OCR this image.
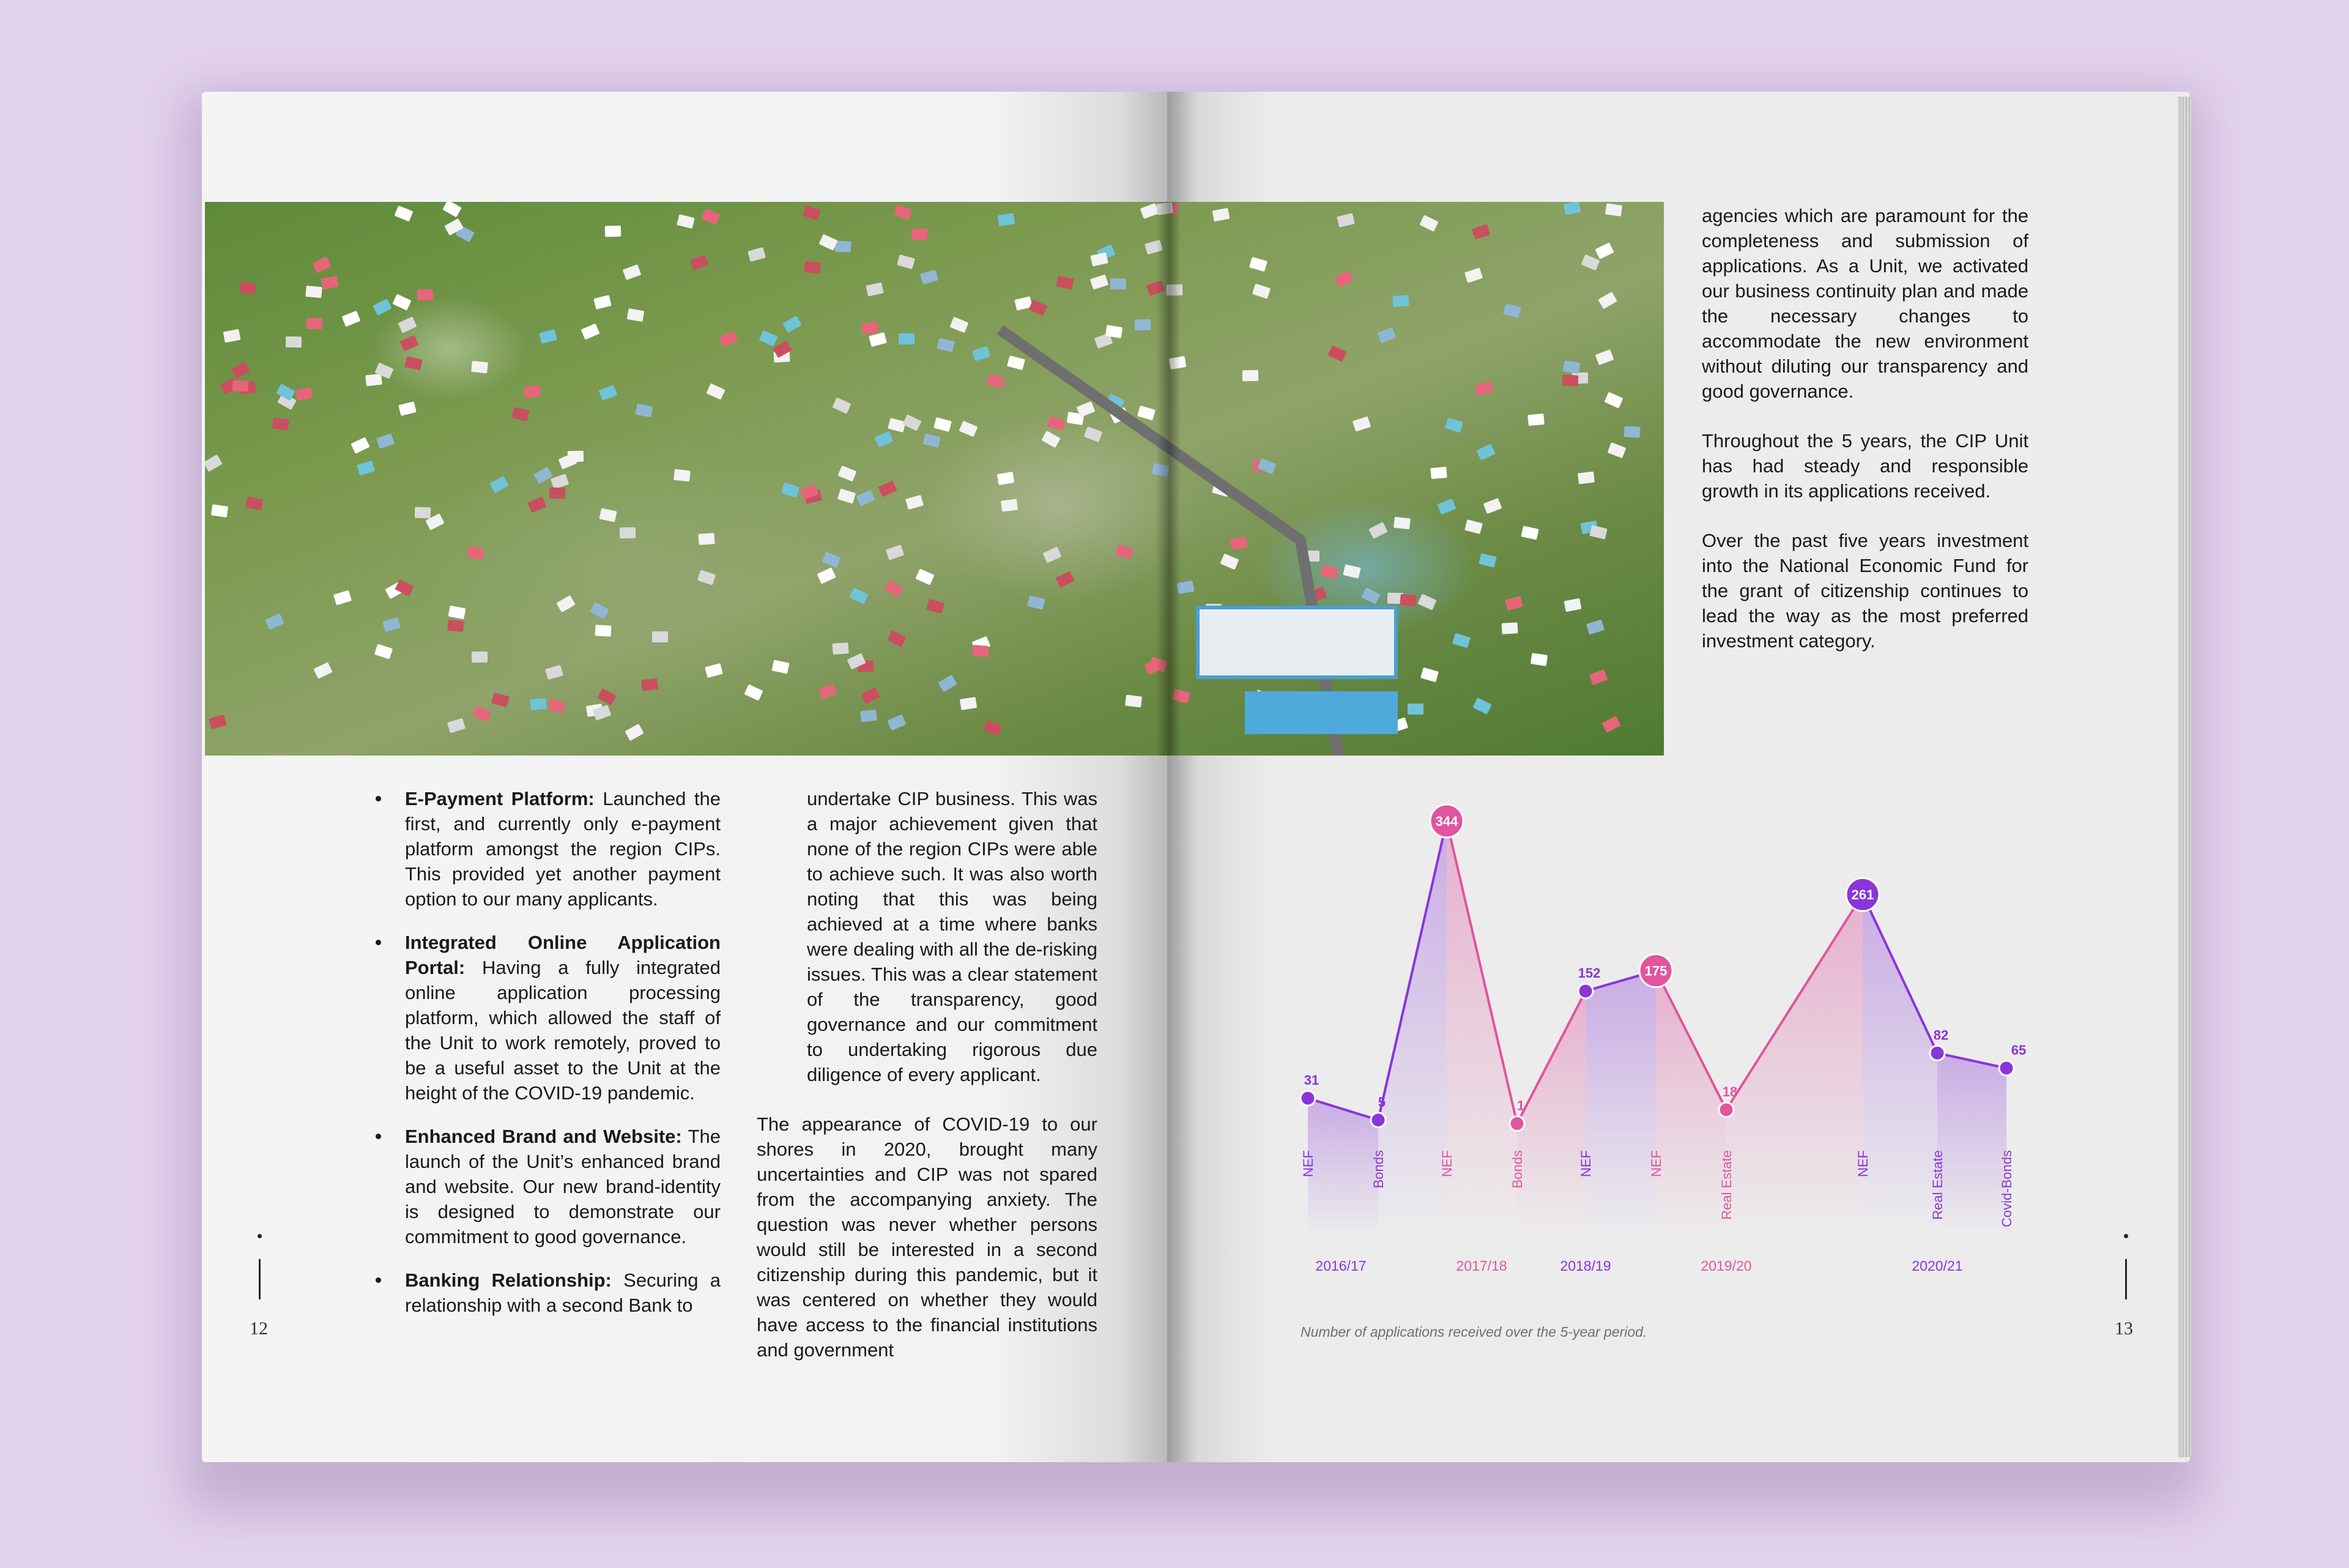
E-Payment Platform: Launched the first, and currently only e-payment platform amongst the region CIPs. This provided yet another payment option to our many applicants.
Integrated Online Application Portal: Having a fully integrated online application processing platform, which allowed the staff of the Unit to work remotely, proved to be a useful asset to the Unit at the height of the COVID-19 pandemic.
Enhanced Brand and Website: The launch of the Unit’s enhanced brand and website. Our new brand-identity is designed to demonstrate our commitment to good governance.
Banking Relationship: Securing a relationship with a second Bank to

undertake CIP business. This was a major achievement given that none of the region CIPs were able to achieve such. It was also worth noting that this was being achieved at a time where banks were dealing with all the de-risking issues. This was a clear statement of the transparency, good governance and our commitment to undertaking rigorous due diligence of every applicant.

The appearance of COVID-19 to our shores in 2020, brought many uncertainties and CIP was not spared from the accompanying anxiety. The question was never whether persons would still be interested in a second citizenship during this pandemic, but it was centered on whether they would have access to the financial institutions and government

agencies which are paramount for the completeness and submission of applications. As a Unit, we activated our business continuity plan and made the necessary changes to accommodate the new environment without diluting our transparency and good governance.

Throughout the 5 years, the CIP Unit has had steady and responsible growth in its applications received.

Over the past five years investment into the National Economic Fund for the grant of citizenship continues to lead the way as the most preferred investment category.

12	13
31
5
344
1
152	175
18
261
82
65
NEF	Bonds	NEF	Bonds	NEF	NEF	Real Estate	NEF	Real Estate	Covid-Bonds
2016/17	2017/18	2018/19	2019/20	2020/21
Number of applications received over the 5-year period.
